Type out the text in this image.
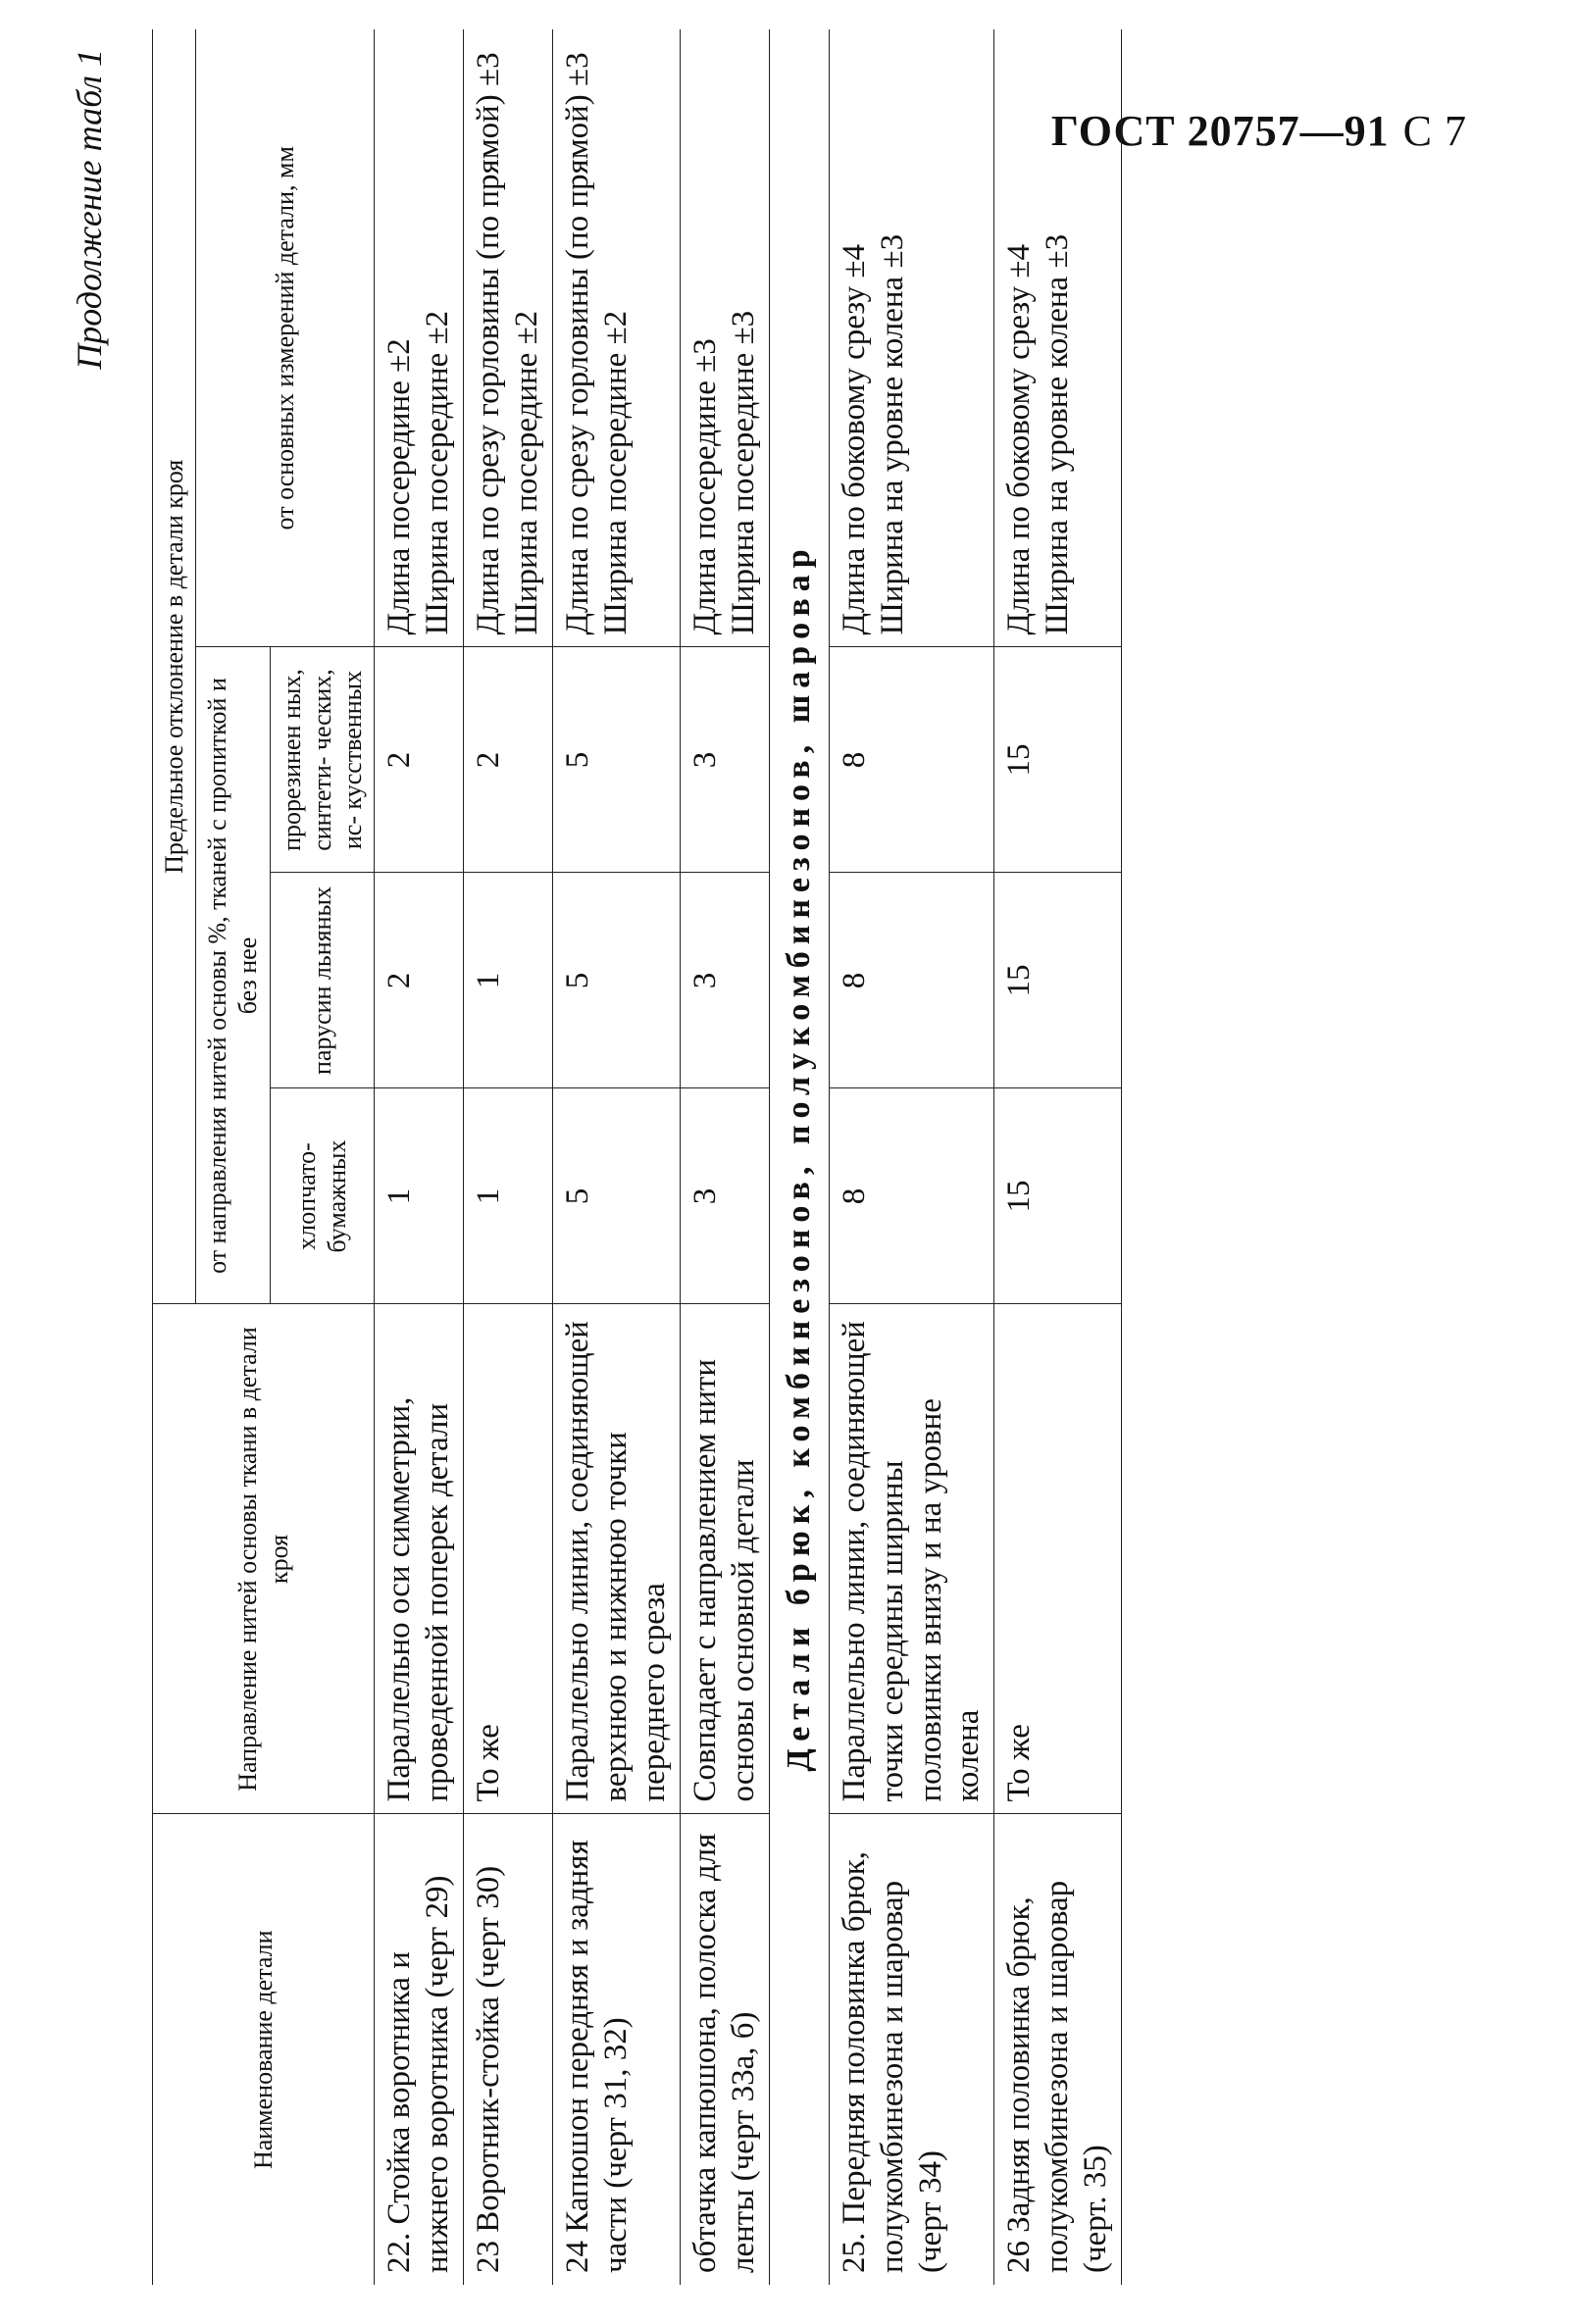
ГОСТ 20757—91 С 7
Продолжение табл 1
Наименование детали	Направление нитей основы ткани в детали кроя	Предельное отклонение в детали кроя			
		от направления нитей основы %, тканей с пропиткой и без нее			от основных измерений детали, мм
		хлопчато-бумажных	парусин льняных	прорезинен ных, синтети- ческих, ис- кусственных	
22. Стойка воротника и нижнего воротника (черт 29)	Параллельно оси симметрии, проведенной поперек детали	1	2	2	Длина посередине ±2
Ширина посередине ±2
23 Воротник-стойка (черт 30)	То же	1	1	2	Длина по срезу горловины (по прямой) ±3
Ширина посередине ±2
24 Капюшон передняя и задняя части (черт 31, 32)	Параллельно линии, соединяющей верхнюю и нижнюю точки переднего среза	5	5	5	Длина по срезу горловины (по прямой) ±3
Ширина посередине ±2
обтачка капюшона, полоска для ленты (черт 33а, б)	Совпадает с направлением нити основы основной детали	3	3	3	Длина посередине ±3
Ширина посередине ±3
Детали брюк, комбинезонов, полукомбинезонов, шаровар					
25. Передняя половинка брюк, полукомбинезона и шаровар (черт 34)	Параллельно линии, соединяющей точки середины ширины половинки внизу и на уровне колена	8	8	8	Длина по боковому срезу ±4
Ширина на уровне колена ±3
26 Задняя половинка брюк, полукомбинезона и шаровар (черт. 35)	То же	15	15	15	Длина по боковому срезу ±4
Ширина на уровне колена ±3
